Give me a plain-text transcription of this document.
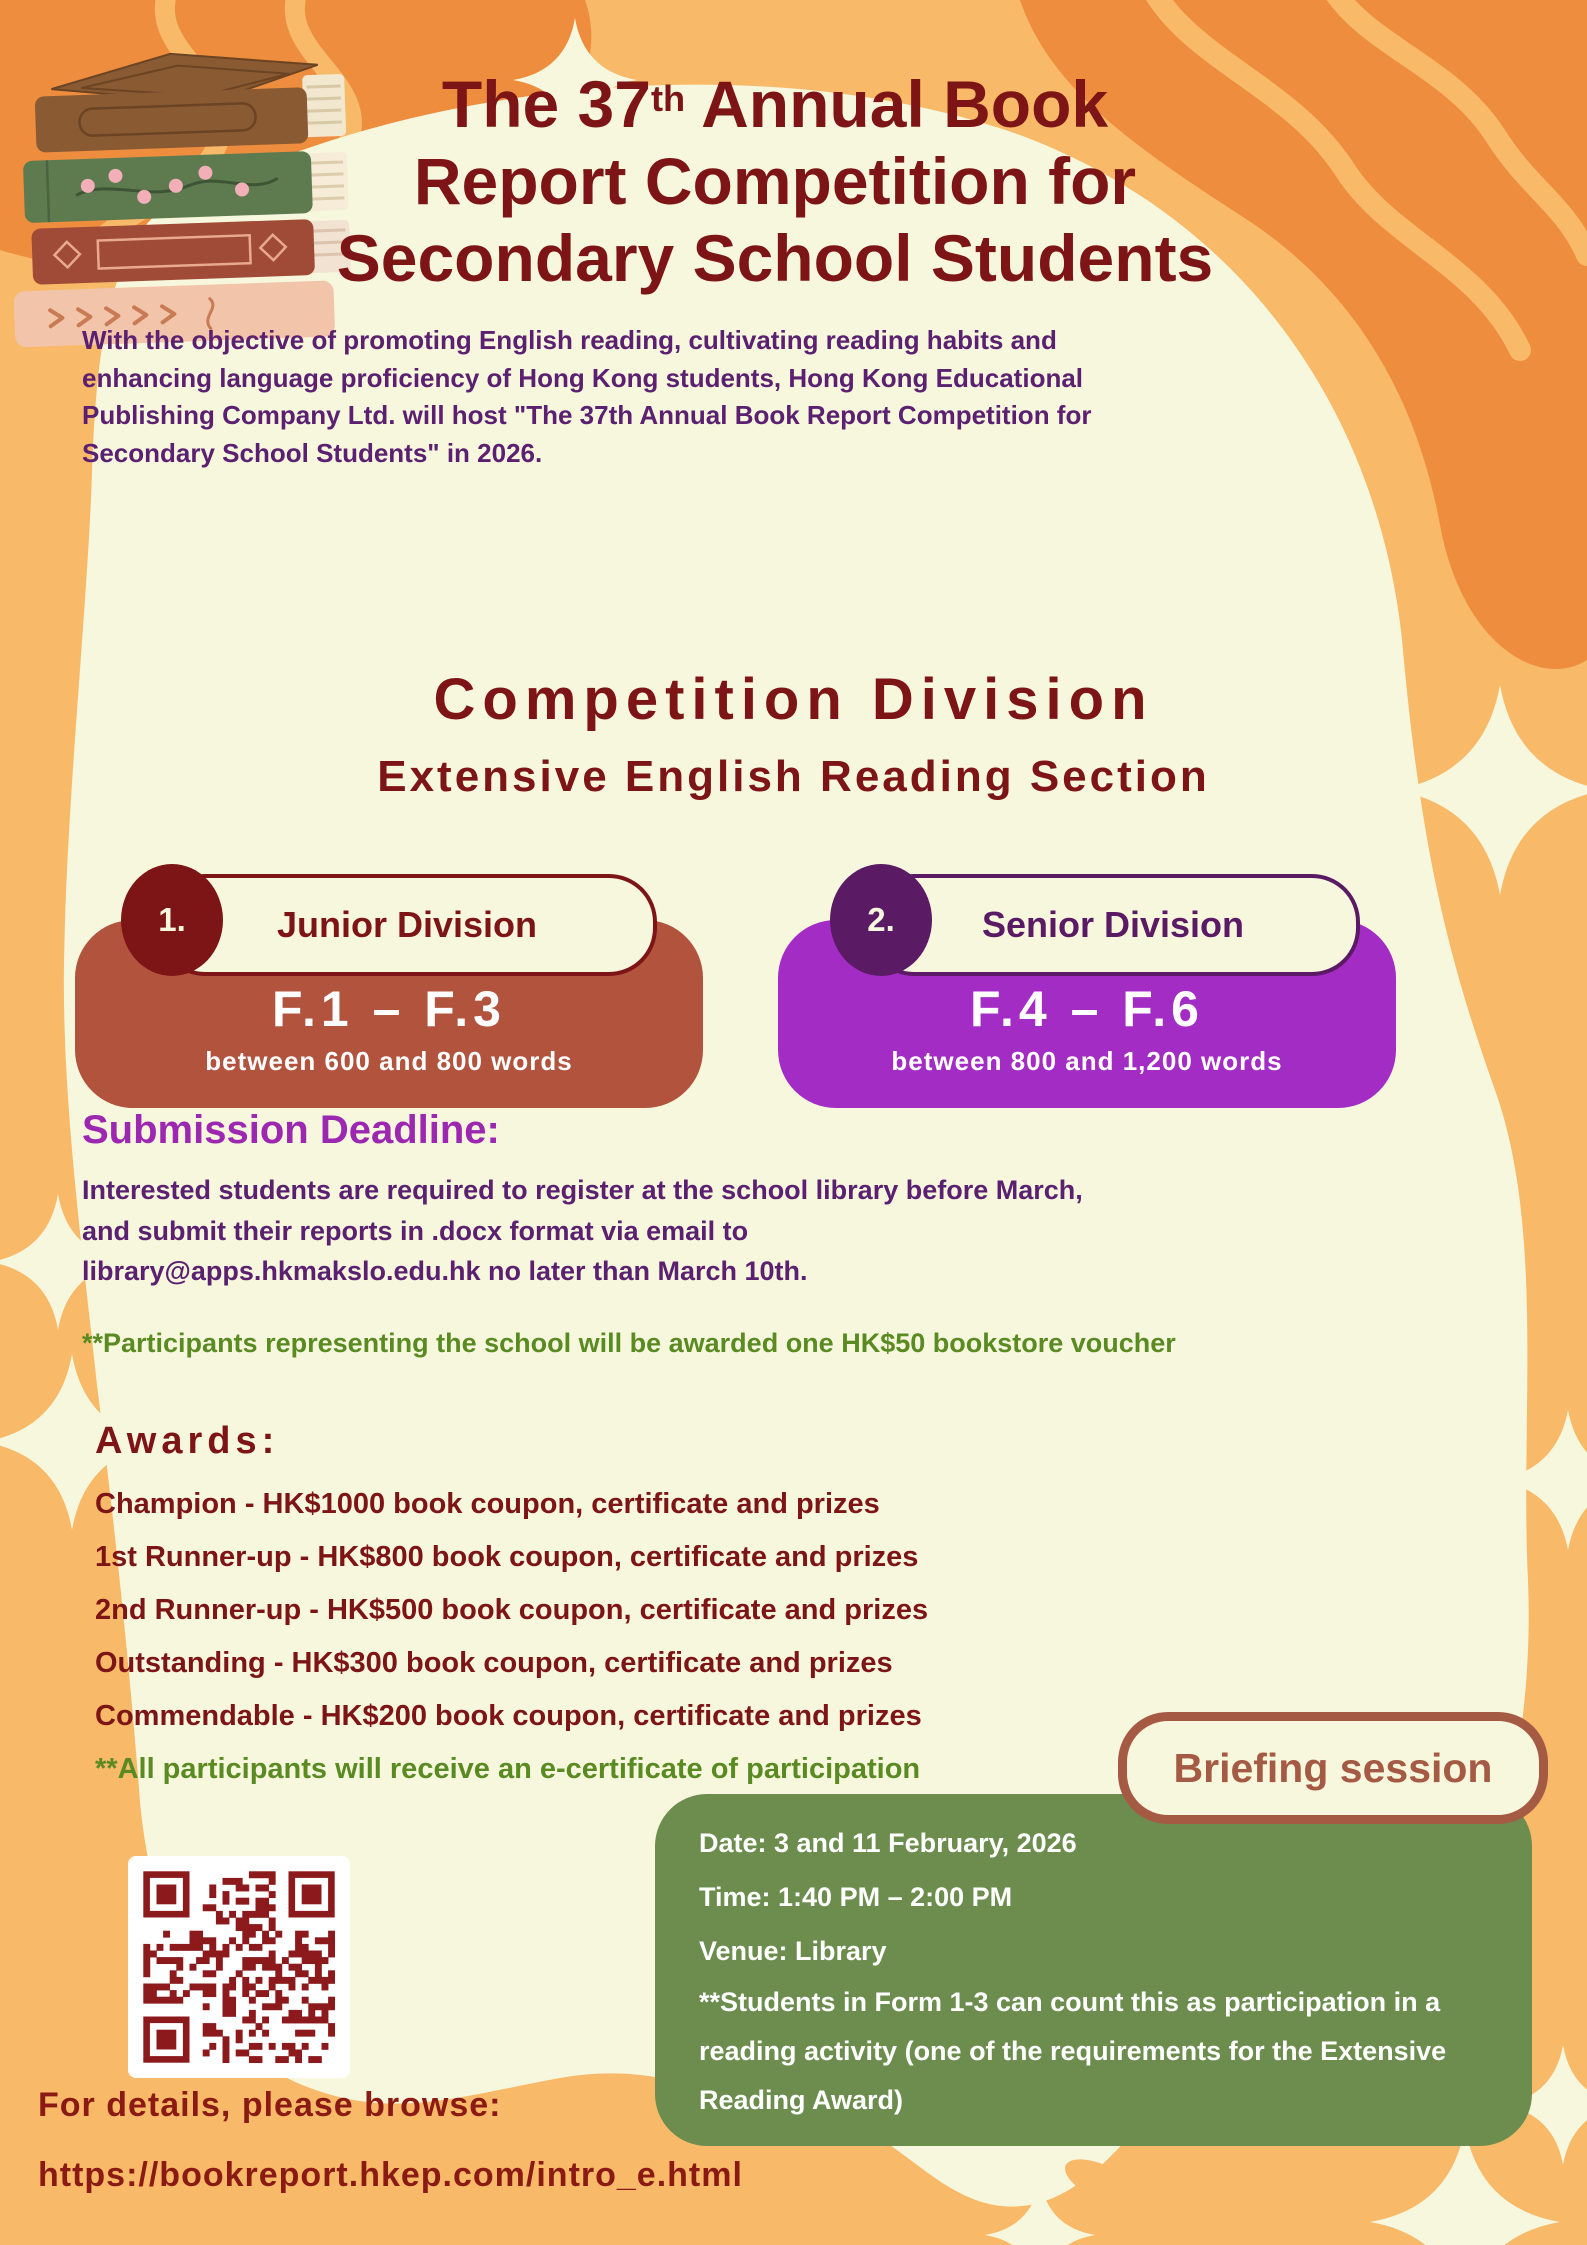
The 37th Annual Book
Report Competition for
Secondary School Students
With the objective of promoting English reading, cultivating reading habits and enhancing language proficiency of Hong Kong students, Hong Kong Educational Publishing Company Ltd. will host "The 37th Annual Book Report Competition for Secondary School Students" in 2026.
Competition Division
Extensive English Reading Section
Junior Division
1.
F.1 – F.3
between 600 and 800 words
Senior Division
2.
F.4 – F.6
between 800 and 1,200 words
Submission Deadline:
Interested students are required to register at the school library before March, and submit their reports in .docx format via email to library@apps.hkmakslo.edu.hk no later than March 10th.
**Participants representing the school will be awarded one HK$50 bookstore voucher
Awards:
Champion - HK$1000 book coupon, certificate and prizes
1st Runner-up - HK$800 book coupon, certificate and prizes
2nd Runner-up - HK$500 book coupon, certificate and prizes
Outstanding - HK$300 book coupon, certificate and prizes
Commendable - HK$200 book coupon, certificate and prizes
**All participants will receive an e-certificate of participation	Briefing session
Date: 3 and 11 February, 2026
Time: 1:40 PM – 2:00 PM
Venue: Library
**Students in Form 1-3 can count this as participation in a reading activity (one of the requirements for the Extensive Reading Award)
For details, please browse:
https://bookreport.hkep.com/intro_e.html
